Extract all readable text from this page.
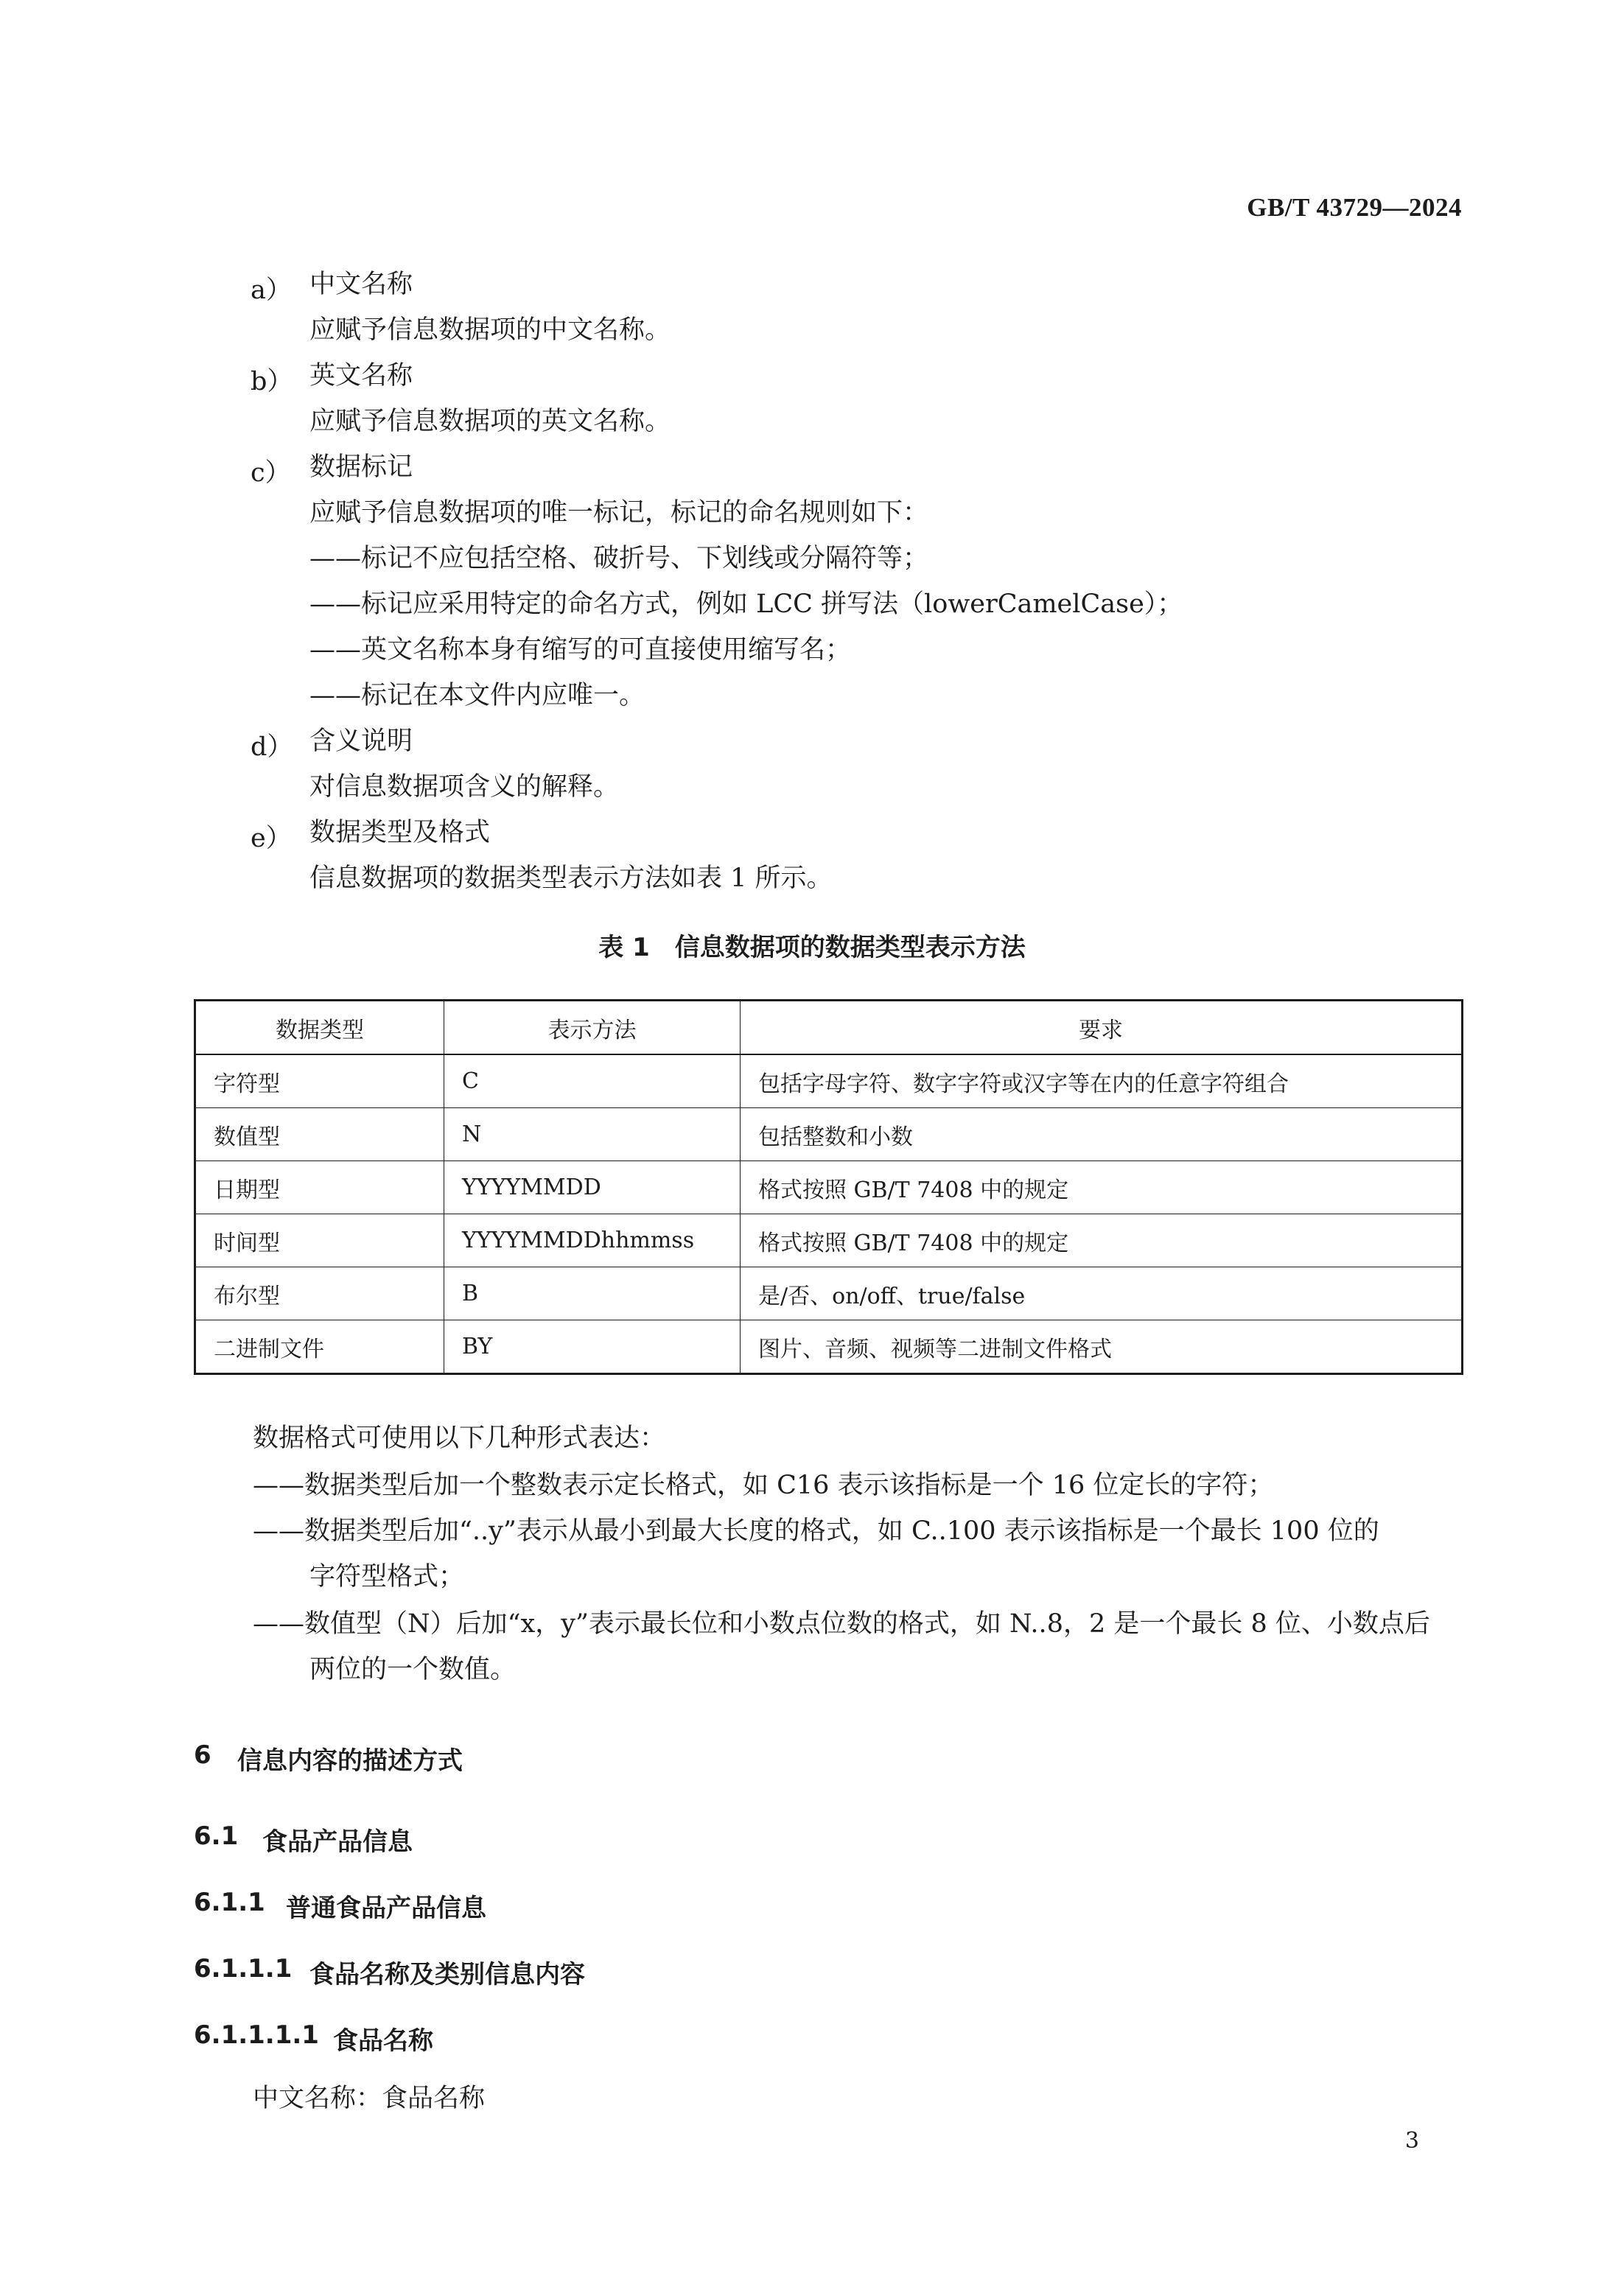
GB/T 43729—2024
a） 中文名称
应赋予信息数据项的中文名称。
b） 英文名称
应赋予信息数据项的英文名称。
c） 数据标记
应赋予信息数据项的唯一标记，标记的命名规则如下：
——标记不应包括空格、破折号、下划线或分隔符等；
——标记应采用特定的命名方式，例如 LCC 拼写法（lowerCamelCase）；
——英文名称本身有缩写的可直接使用缩写名；
——标记在本文件内应唯一。
d） 含义说明
对信息数据项含义的解释。
e） 数据类型及格式
信息数据项的数据类型表示方法如表 1 所示。
表 1　信息数据项的数据类型表示方法
数据类型	表示方法	要求
字符型	C	包括字母字符、数字字符或汉字等在内的任意字符组合
数值型	N	包括整数和小数
日期型	YYYYMMDD	格式按照 GB/T 7408 中的规定
时间型	YYYYMMDDhhmmss	格式按照 GB/T 7408 中的规定
布尔型	B	是/否、on/off、true/false
二进制文件	BY	图片、音频、视频等二进制文件格式
数据格式可使用以下几种形式表达：
——数据类型后加一个整数表示定长格式，如 C16 表示该指标是一个 16 位定长的字符；
——数据类型后加“..y”表示从最小到最大长度的格式，如 C..100 表示该指标是一个最长 100 位的
字符型格式；
——数值型（N）后加“x，y”表示最长位和小数点位数的格式，如 N..8，2 是一个最长 8 位、小数点后
两位的一个数值。
6 信息内容的描述方式
6.1 食品产品信息
6.1.1 普通食品产品信息
6.1.1.1 食品名称及类别信息内容
6.1.1.1.1 食品名称
中文名称：食品名称
3
